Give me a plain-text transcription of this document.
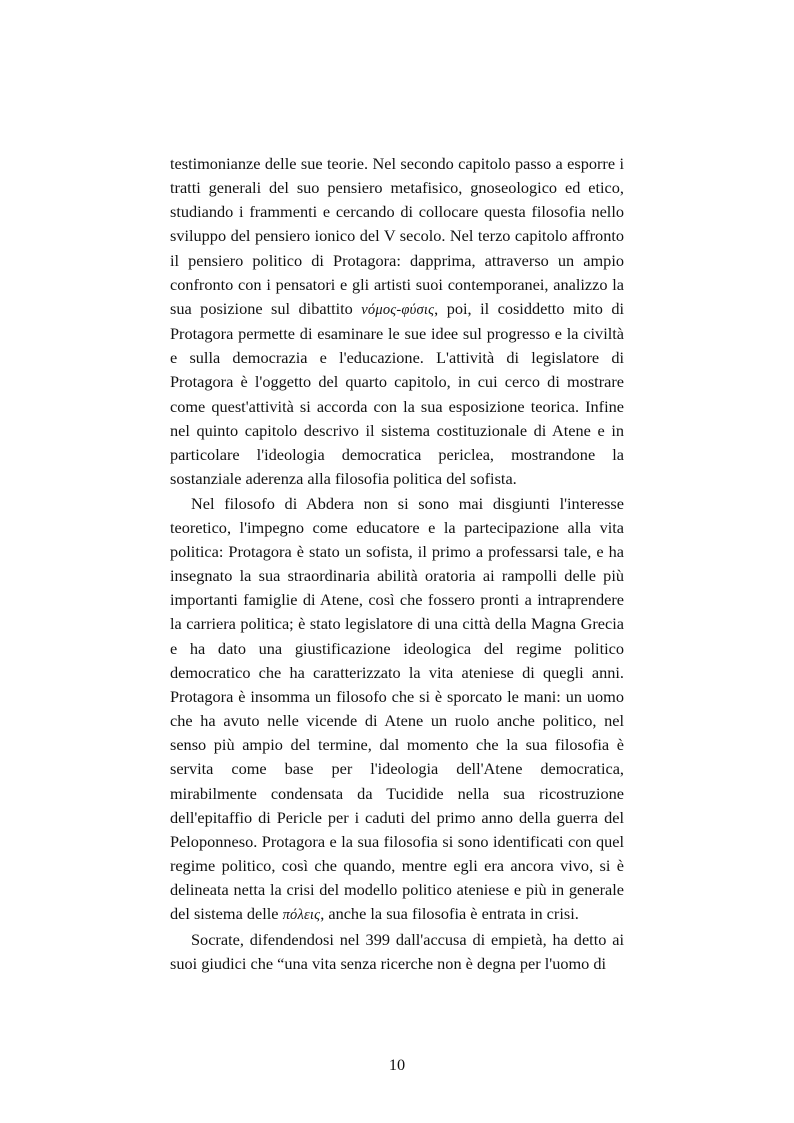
testimonianze delle sue teorie. Nel secondo capitolo passo a esporre i tratti generali del suo pensiero metafisico, gnoseologico ed etico, studiando i frammenti e cercando di collocare questa filosofia nello sviluppo del pensiero ionico del V secolo. Nel terzo capitolo affronto il pensiero politico di Protagora: dapprima, attraverso un ampio confronto con i pensatori e gli artisti suoi contemporanei, analizzo la sua posizione sul dibattito νόμος-φύσις, poi, il cosiddetto mito di Protagora permette di esaminare le sue idee sul progresso e la civiltà e sulla democrazia e l'educazione. L'attività di legislatore di Protagora è l'oggetto del quarto capitolo, in cui cerco di mostrare come quest'attività si accorda con la sua esposizione teorica. Infine nel quinto capitolo descrivo il sistema costituzionale di Atene e in particolare l'ideologia democratica periclea, mostrandone la sostanziale aderenza alla filosofia politica del sofista.

Nel filosofo di Abdera non si sono mai disgiunti l'interesse teoretico, l'impegno come educatore e la partecipazione alla vita politica: Protagora è stato un sofista, il primo a professarsi tale, e ha insegnato la sua straordinaria abilità oratoria ai rampolli delle più importanti famiglie di Atene, così che fossero pronti a intraprendere la carriera politica; è stato legislatore di una città della Magna Grecia e ha dato una giustificazione ideologica del regime politico democratico che ha caratterizzato la vita ateniese di quegli anni. Protagora è insomma un filosofo che si è sporcato le mani: un uomo che ha avuto nelle vicende di Atene un ruolo anche politico, nel senso più ampio del termine, dal momento che la sua filosofia è servita come base per l'ideologia dell'Atene democratica, mirabilmente condensata da Tucidide nella sua ricostruzione dell'epitaffio di Pericle per i caduti del primo anno della guerra del Peloponneso. Protagora e la sua filosofia si sono identificati con quel regime politico, così che quando, mentre egli era ancora vivo, si è delineata netta la crisi del modello politico ateniese e più in generale del sistema delle πόλεις, anche la sua filosofia è entrata in crisi.

Socrate, difendendosi nel 399 dall'accusa di empietà, ha detto ai suoi giudici che “una vita senza ricerche non è degna per l'uomo di

10
